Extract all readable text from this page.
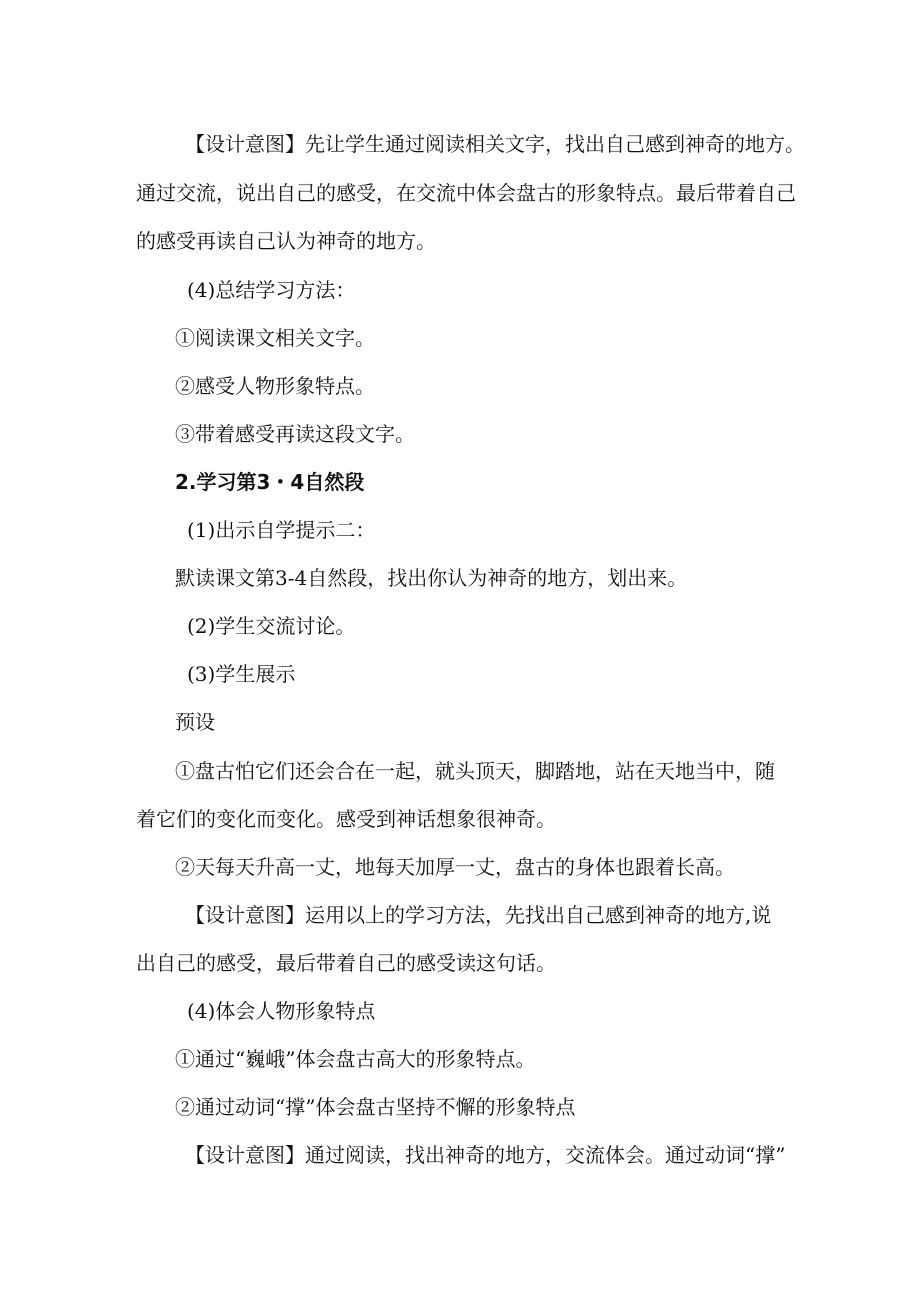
【设计意图】先让学生通过阅读相关文字，找出自己感到神奇的地方。
通过交流，说出自己的感受，在交流中体会盘古的形象特点。最后带着自己
的感受再读自己认为神奇的地方。
(4)总结学习方法：
①阅读课文相关文字。
②感受人物形象特点。
③带着感受再读这段文字。
2.学习第3・4自然段
(1)出示自学提示二：
默读课文第3-4自然段，找出你认为神奇的地方，划出来。
(2)学生交流讨论。
(3)学生展示
预设
①盘古怕它们还会合在一起，就头顶天，脚踏地，站在天地当中，随
着它们的变化而变化。感受到神话想象很神奇。
②天每天升高一丈，地每天加厚一丈，盘古的身体也跟着长高。
【设计意图】运用以上的学习方法，先找出自己感到神奇的地方,说
出自己的感受，最后带着自己的感受读这句话。
(4)体会人物形象特点
①通过“巍峨”体会盘古高大的形象特点。
②通过动词“撑”体会盘古坚持不懈的形象特点
【设计意图】通过阅读，找出神奇的地方，交流体会。通过动词“撑”
